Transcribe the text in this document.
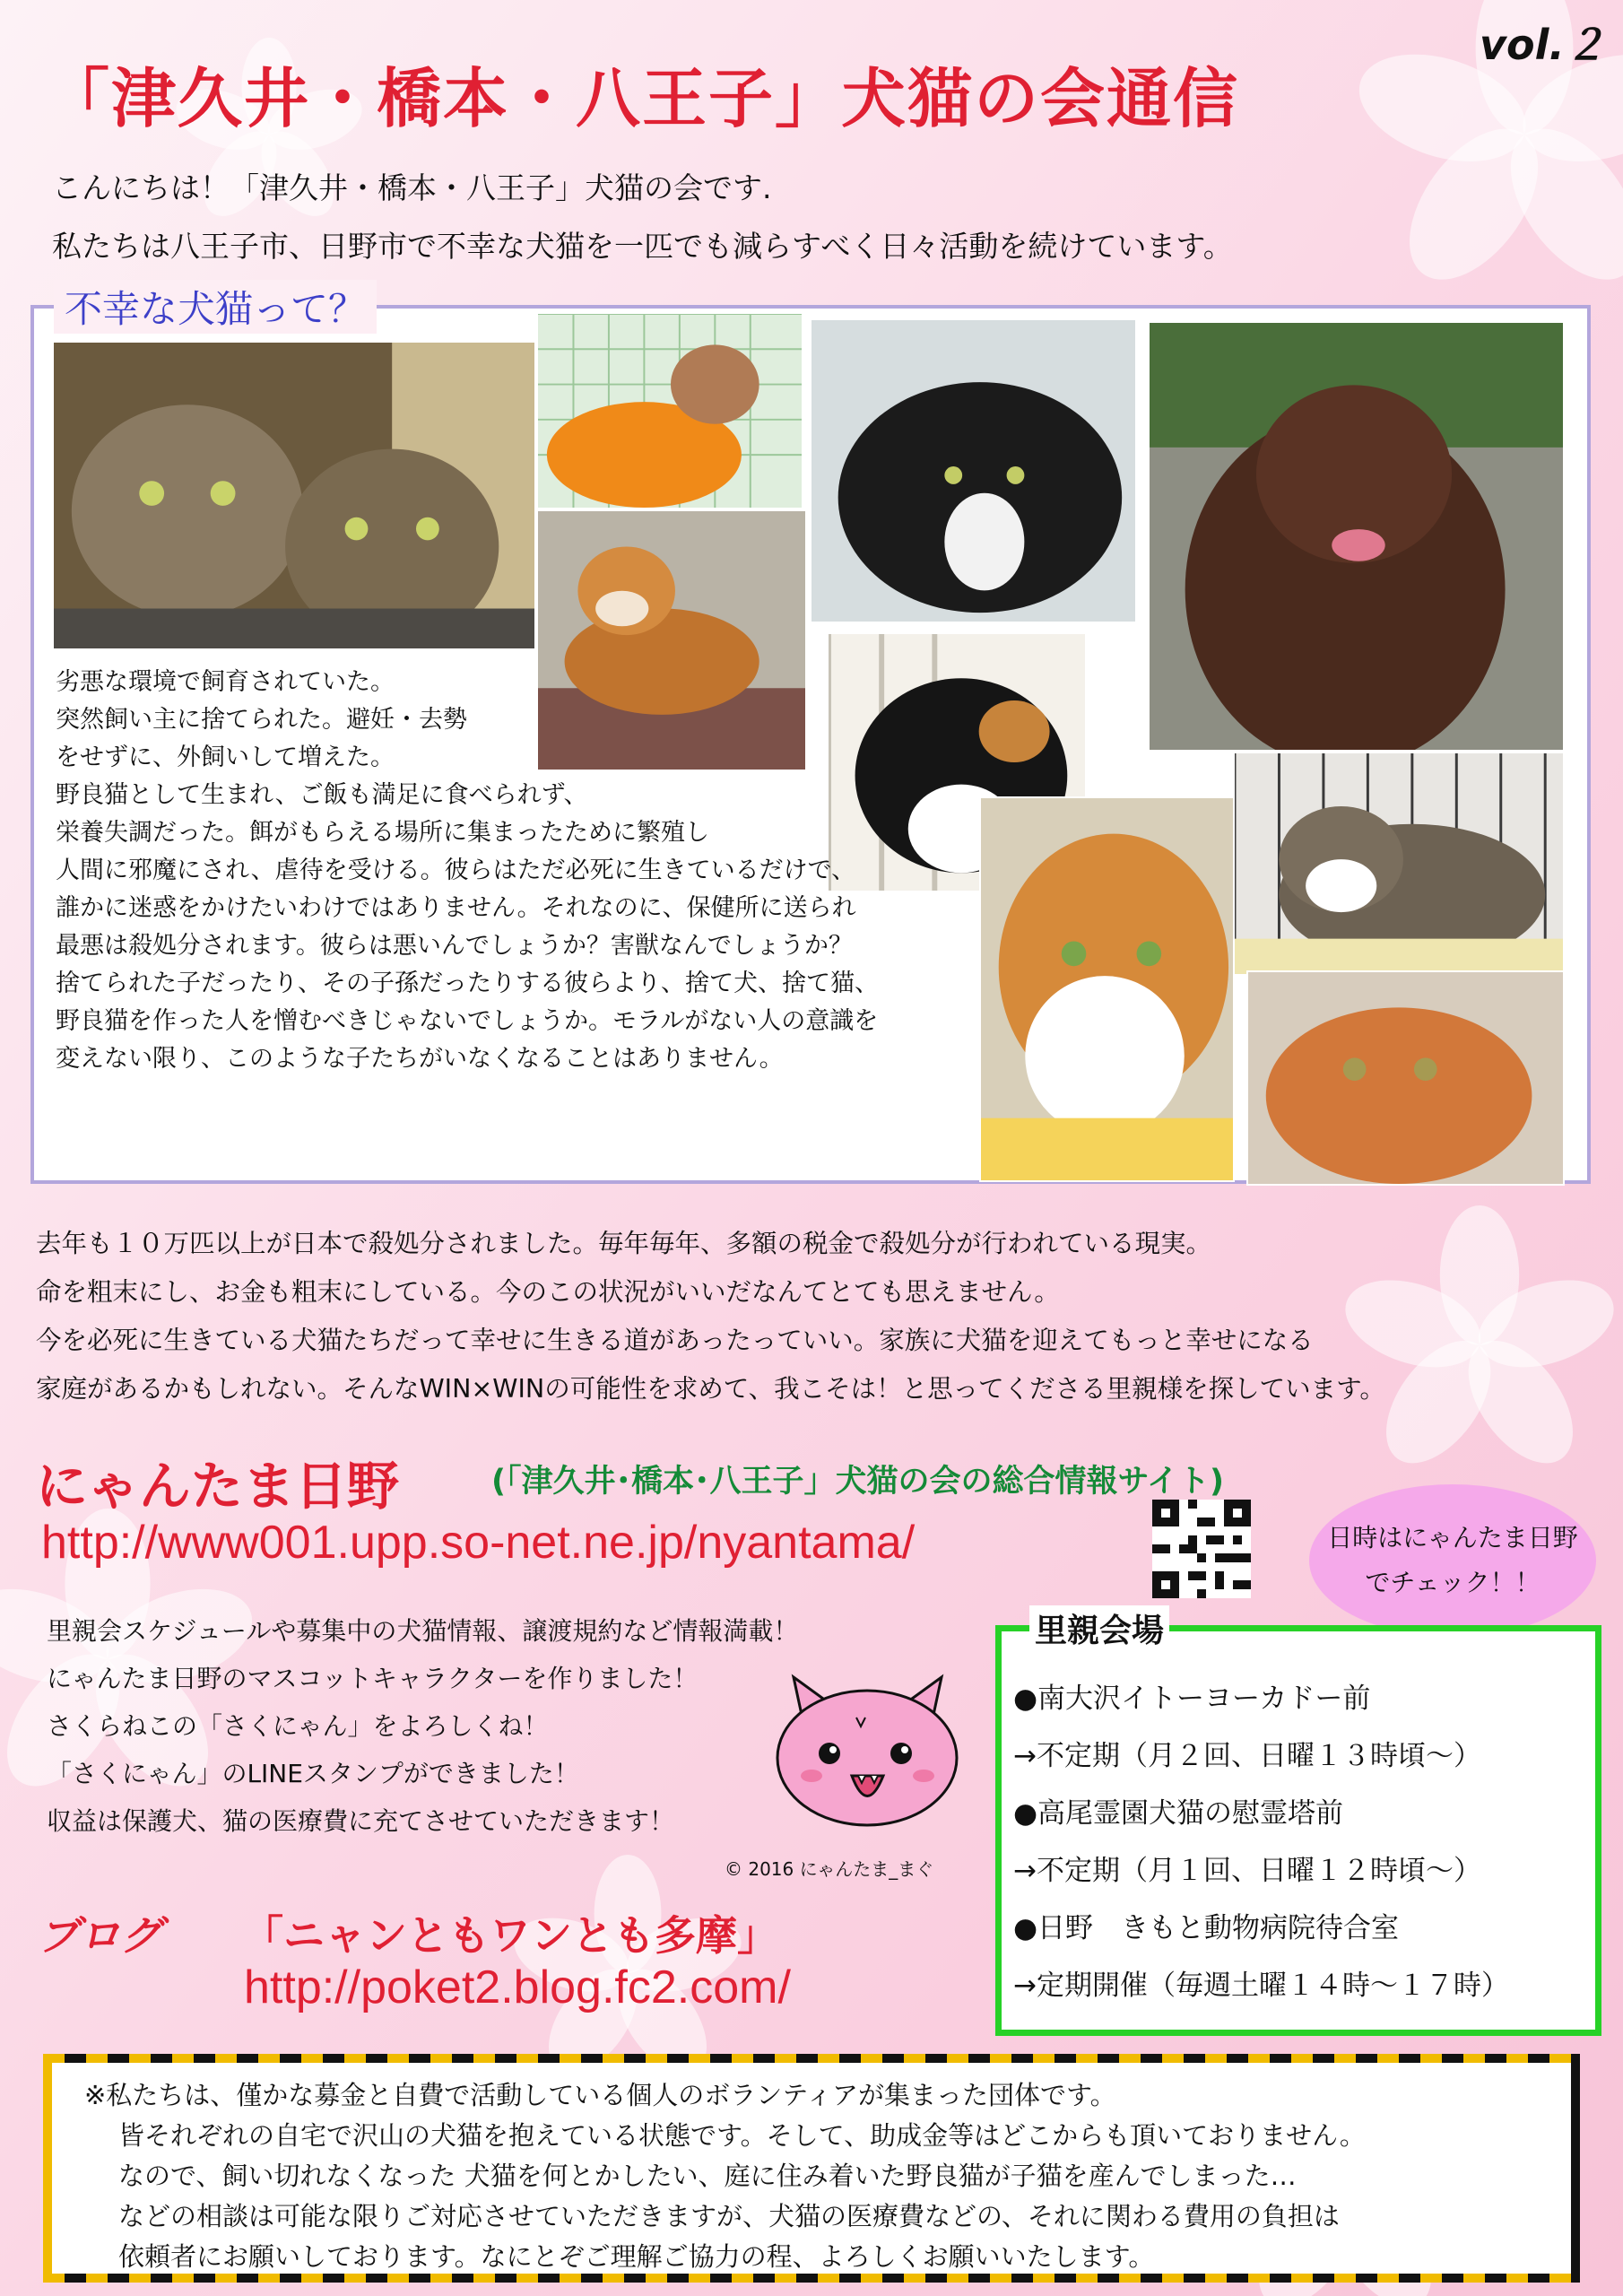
vol.２
「津久井・橋本・八王子」犬猫の会通信
こんにちは！「津久井・橋本・八王子」犬猫の会です.
私たちは八王子市、日野市で不幸な犬猫を一匹でも減らすべく日々活動を続けています。
不幸な犬猫って？
劣悪な環境で飼育されていた。
突然飼い主に捨てられた。避妊・去勢
をせずに、外飼いして増えた。
野良猫として生まれ、ご飯も満足に食べられず、
栄養失調だった。餌がもらえる場所に集まったために繁殖し
人間に邪魔にされ、虐待を受ける。彼らはただ必死に生きているだけで、
誰かに迷惑をかけたいわけではありません。それなのに、保健所に送られ
最悪は殺処分されます。彼らは悪いんでしょうか？害獣なんでしょうか？
捨てられた子だったり、その子孫だったりする彼らより、捨て犬、捨て猫、
野良猫を作った人を憎むべきじゃないでしょうか。モラルがない人の意識を
変えない限り、このような子たちがいなくなることはありません。
去年も１０万匹以上が日本で殺処分されました。毎年毎年、多額の税金で殺処分が行われている現実。
命を粗末にし、お金も粗末にしている。今のこの状況がいいだなんてとても思えません。
今を必死に生きている犬猫たちだって幸せに生きる道があったっていい。家族に犬猫を迎えてもっと幸せになる
家庭があるかもしれない。そんなWIN×WINの可能性を求めて、我こそは！と思ってくださる里親様を探しています。
にゃんたま日野	(「津久井･橋本･八王子」犬猫の会の総合情報サイト)
http://www001.upp.so-net.ne.jp/nyantama/	日時はにゃんたま日野
でチェック！！
里親会スケジュールや募集中の犬猫情報、譲渡規約など情報満載！
にゃんたま日野のマスコットキャラクターを作りました！
さくらねこの「さくにゃん」をよろしくね！
「さくにゃん」のLINEスタンプができました！
収益は保護犬、猫の医療費に充てさせていただきます！
© 2016 にゃんたま_まぐ
ブログ 「ニャンともワンとも多摩」
http://poket2.blog.fc2.com/
里親会場
●南大沢イトーヨーカドー前
→不定期（月２回、日曜１３時頃～）
●高尾霊園犬猫の慰霊塔前
→不定期（月１回、日曜１２時頃～）
●日野　きもと動物病院待合室
→定期開催（毎週土曜１４時～１７時）
※私たちは、僅かな募金と自費で活動している個人のボランティアが集まった団体です。
皆それぞれの自宅で沢山の犬猫を抱えている状態です。そして、助成金等はどこからも頂いておりません。
なので、飼い切れなくなった 犬猫を何とかしたい、庭に住み着いた野良猫が子猫を産んでしまった…
などの相談は可能な限りご対応させていただきますが、犬猫の医療費などの、それに関わる費用の負担は
依頼者にお願いしております。なにとぞご理解ご協力の程、よろしくお願いいたします。
